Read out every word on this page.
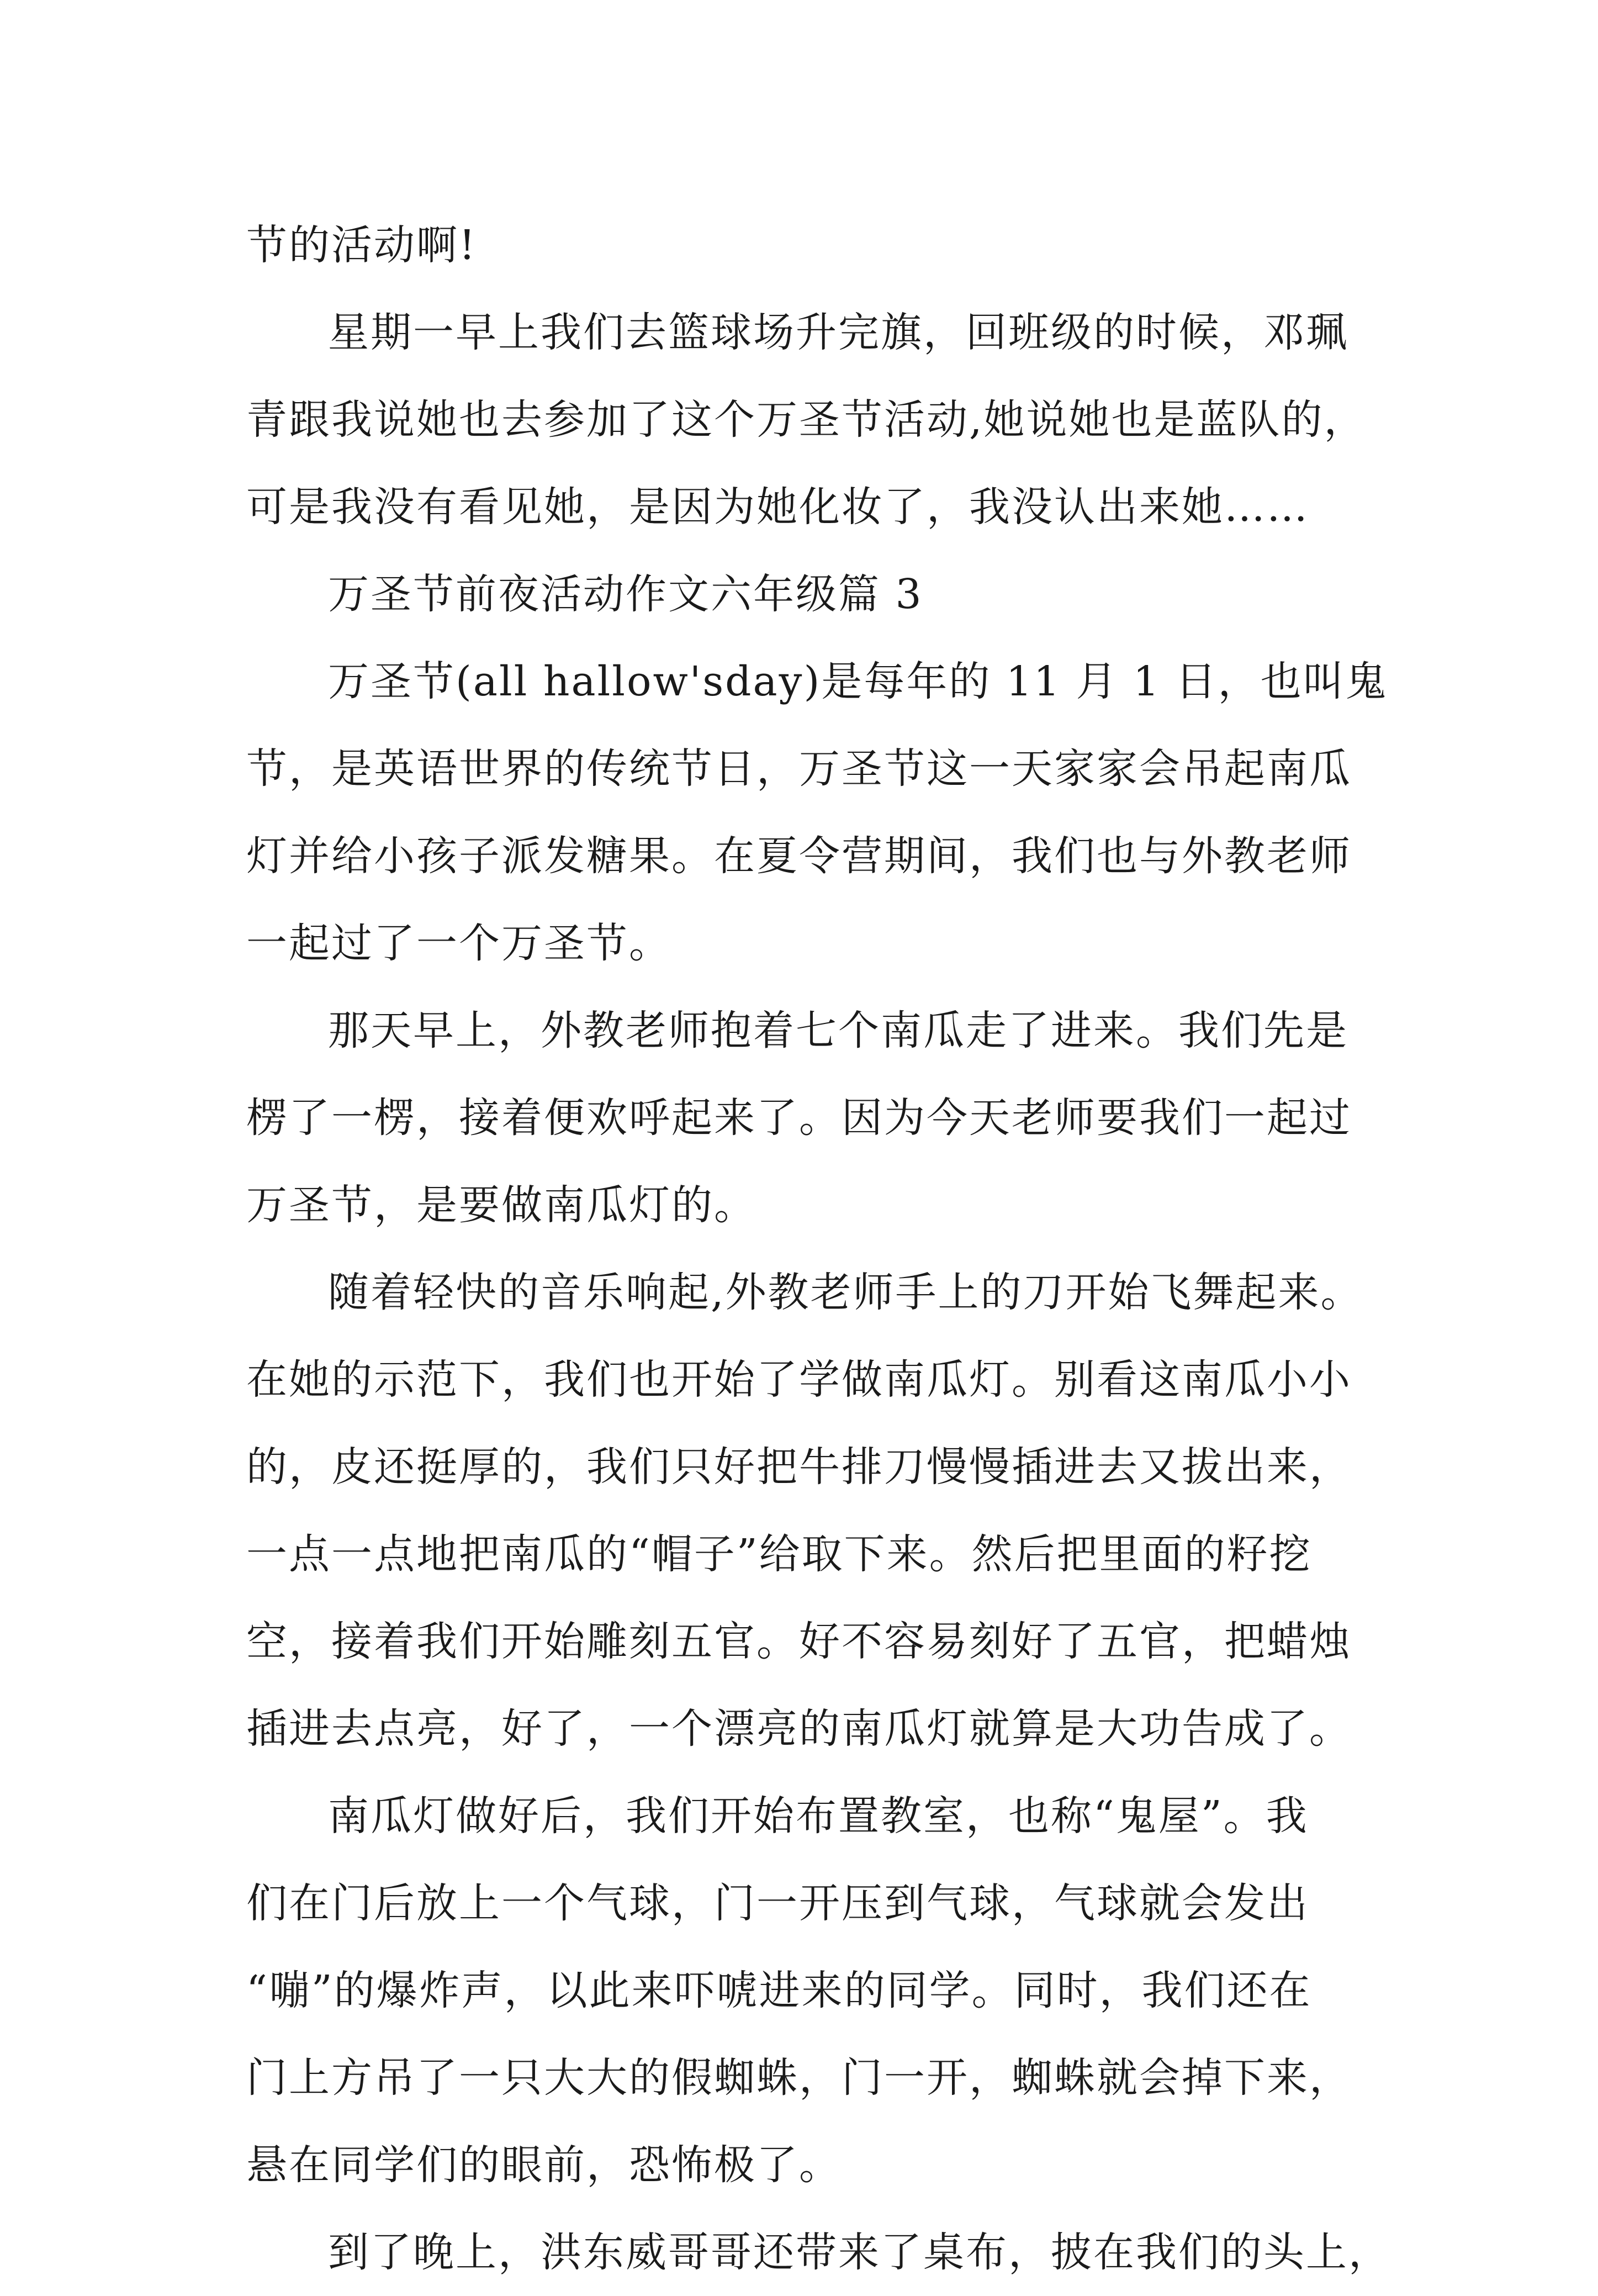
节的活动啊!
星期一早上我们去篮球场升完旗，回班级的时候，邓珮
青跟我说她也去参加了这个万圣节活动,她说她也是蓝队的，
可是我没有看见她，是因为她化妆了，我没认出来她……
万圣节前夜活动作文六年级篇 3
万圣节(all hallow'sday)是每年的 11 月 1 日，也叫鬼
节，是英语世界的传统节日，万圣节这一天家家会吊起南瓜
灯并给小孩子派发糖果。在夏令营期间，我们也与外教老师
一起过了一个万圣节。
那天早上，外教老师抱着七个南瓜走了进来。我们先是
楞了一楞，接着便欢呼起来了。因为今天老师要我们一起过
万圣节，是要做南瓜灯的。
随着轻快的音乐响起,外教老师手上的刀开始飞舞起来。
在她的示范下，我们也开始了学做南瓜灯。别看这南瓜小小
的，皮还挺厚的，我们只好把牛排刀慢慢插进去又拔出来，
一点一点地把南瓜的“帽子”给取下来。然后把里面的籽挖
空，接着我们开始雕刻五官。好不容易刻好了五官，把蜡烛
插进去点亮，好了，一个漂亮的南瓜灯就算是大功告成了。
南瓜灯做好后，我们开始布置教室，也称“鬼屋”。我
们在门后放上一个气球，门一开压到气球，气球就会发出
“嘣”的爆炸声，以此来吓唬进来的同学。同时，我们还在
门上方吊了一只大大的假蜘蛛，门一开，蜘蛛就会掉下来，
悬在同学们的眼前，恐怖极了。
到了晚上，洪东威哥哥还带来了桌布，披在我们的头上，
